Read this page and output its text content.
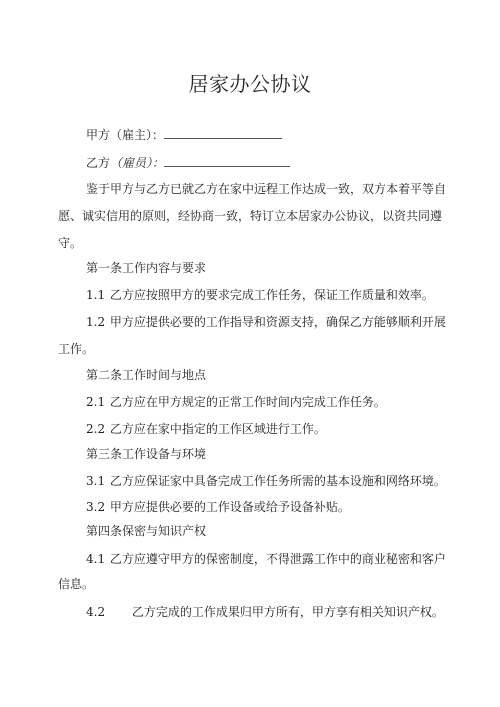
居家办公协议
甲方（雇主）：
乙方（雇员）：
鉴于甲方与乙方已就乙方在家中远程工作达成一致，双方本着平等自
愿、诚实信用的原则，经协商一致，特订立本居家办公协议，以资共同遵
守。
第一条工作内容与要求
1.1 乙方应按照甲方的要求完成工作任务，保证工作质量和效率。
1.2 甲方应提供必要的工作指导和资源支持，确保乙方能够顺利开展
工作。
第二条工作时间与地点
2.1 乙方应在甲方规定的正常工作时间内完成工作任务。
2.2 乙方应在家中指定的工作区域进行工作。
第三条工作设备与环境
3.1 乙方应保证家中具备完成工作任务所需的基本设施和网络环境。
3.2 甲方应提供必要的工作设备或给予设备补贴。
第四条保密与知识产权
4.1 乙方应遵守甲方的保密制度，不得泄露工作中的商业秘密和客户
信息。
4.2 乙方完成的工作成果归甲方所有，甲方享有相关知识产权。
